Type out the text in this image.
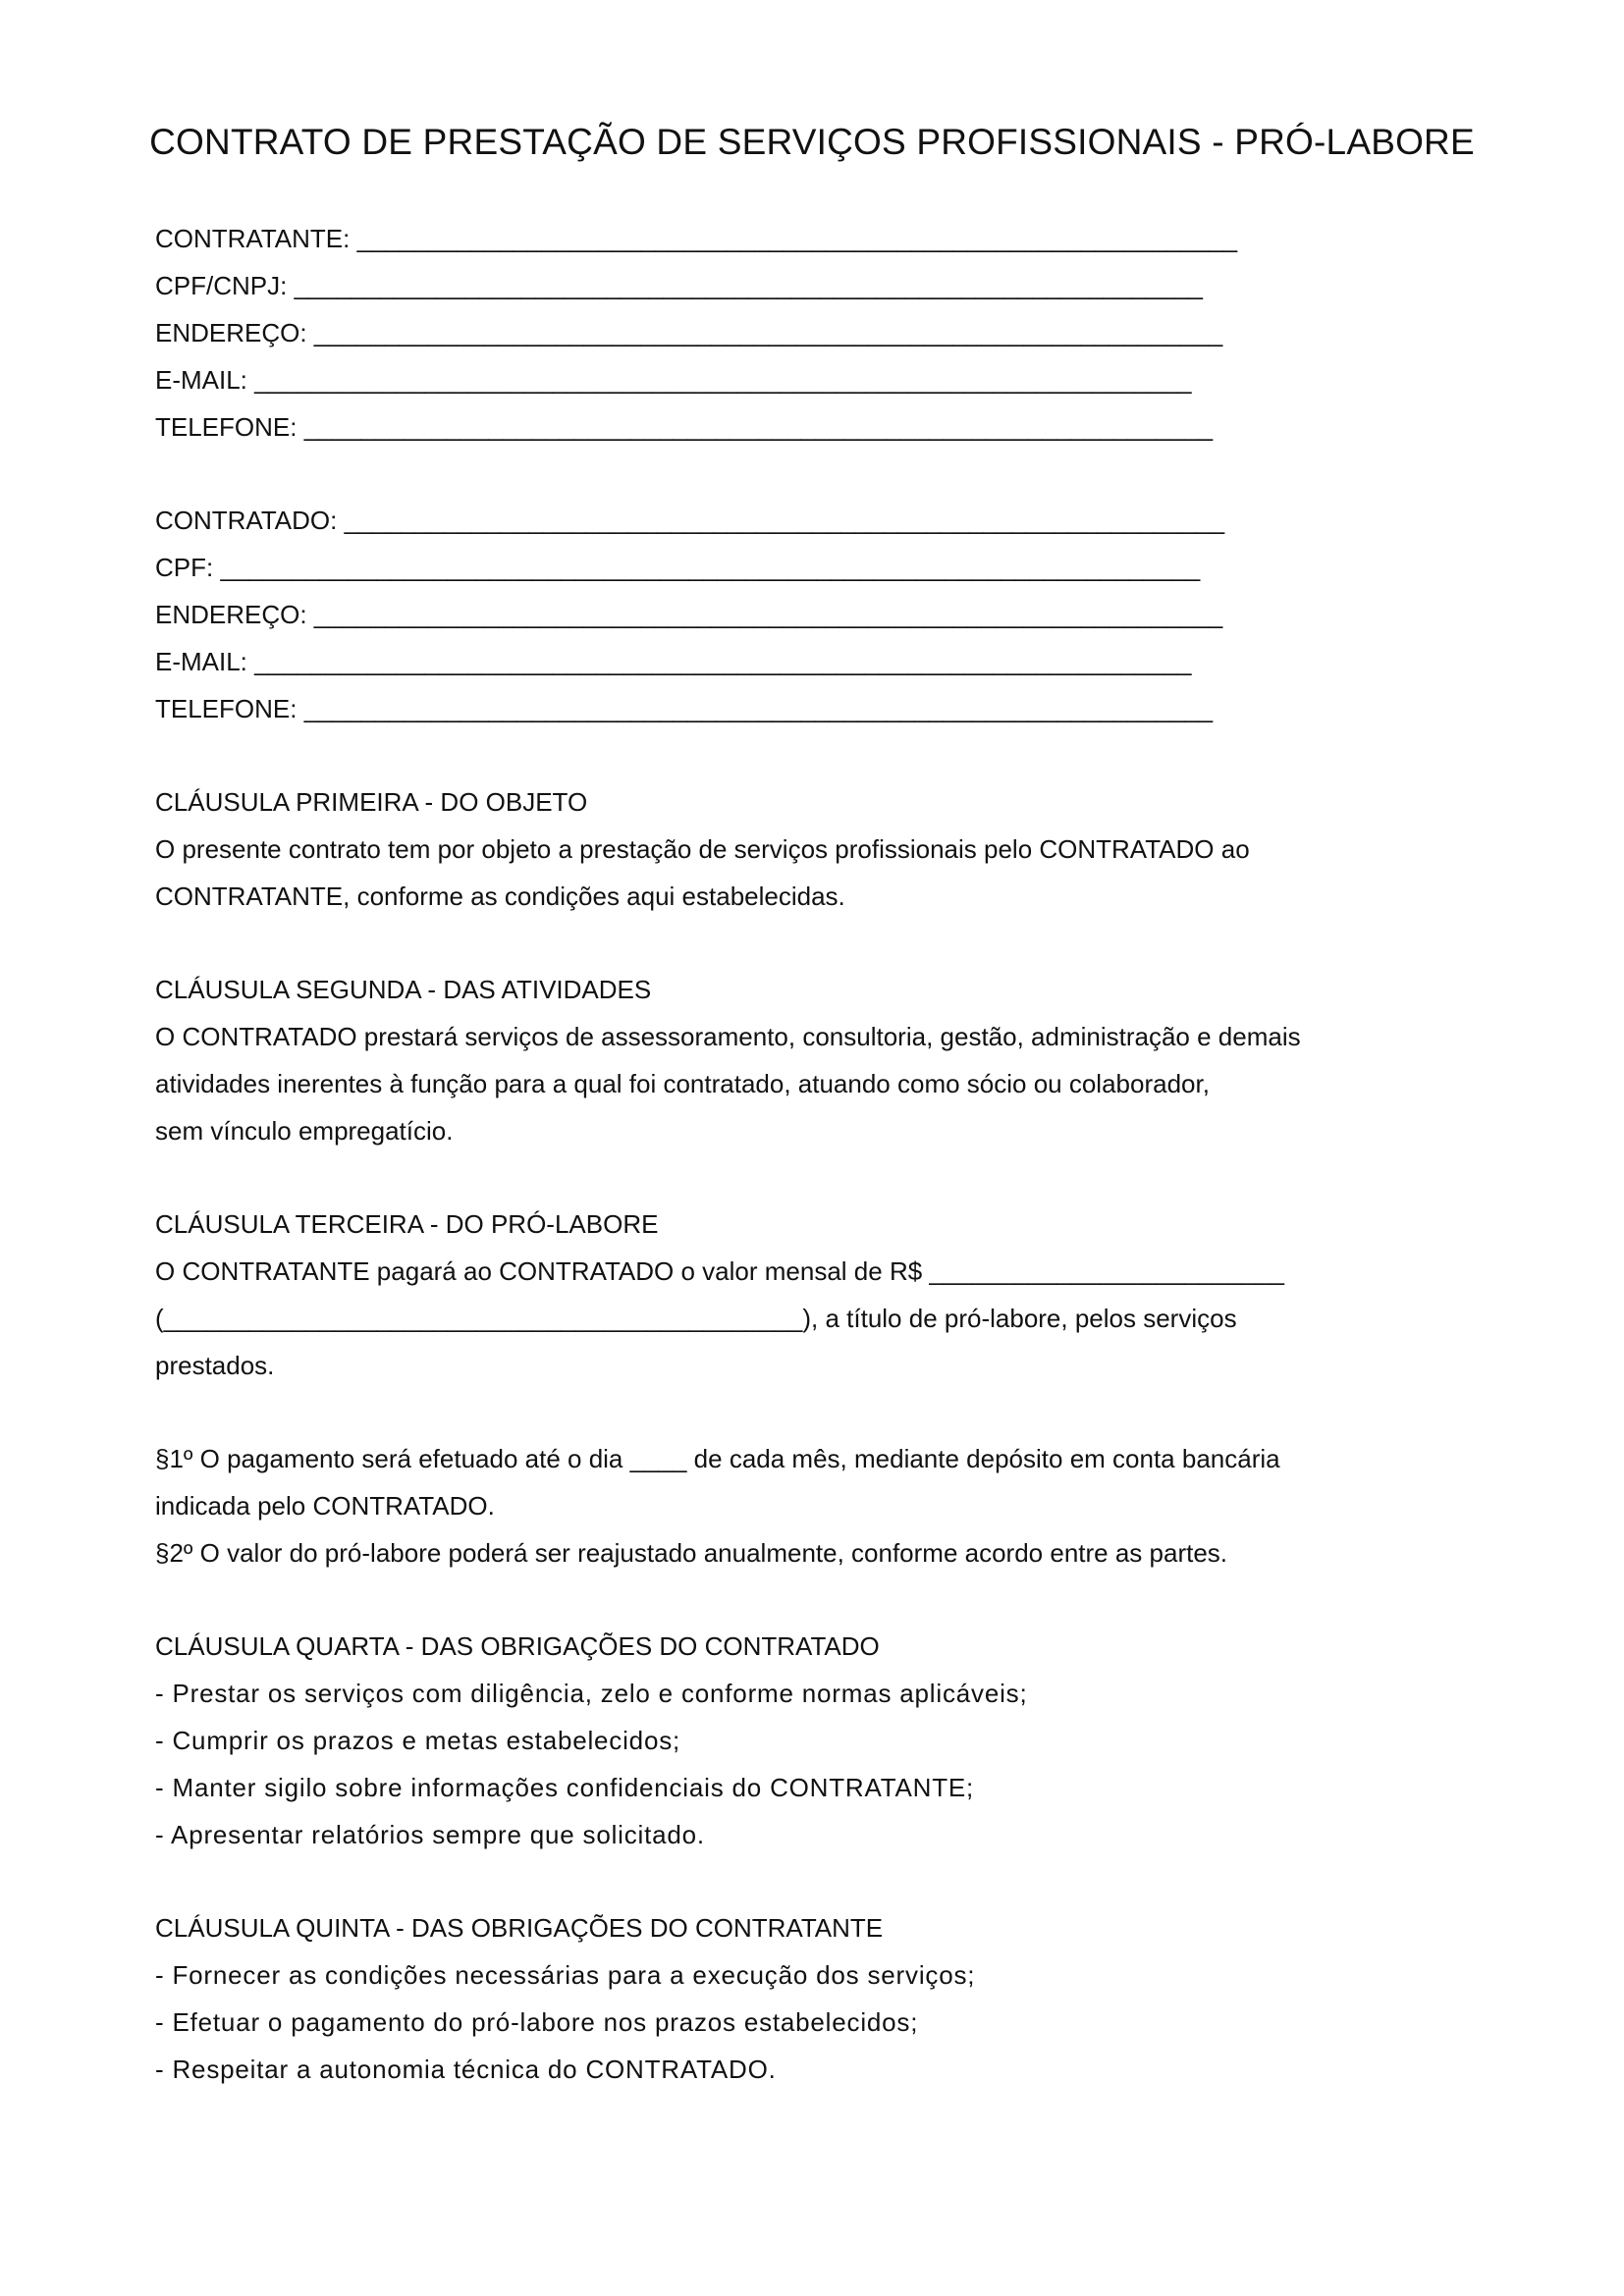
CONTRATO DE PRESTAÇÃO DE SERVIÇOS PROFISSIONAIS - PRÓ-LABORE
CONTRATANTE: ______________________________________________________________
CPF/CNPJ: ________________________________________________________________
ENDEREÇO: ________________________________________________________________
E-MAIL: __________________________________________________________________
TELEFONE: ________________________________________________________________
CONTRATADO: ______________________________________________________________
CPF: _____________________________________________________________________
ENDEREÇO: ________________________________________________________________
E-MAIL: __________________________________________________________________
TELEFONE: ________________________________________________________________
CLÁUSULA PRIMEIRA - DO OBJETO
O presente contrato tem por objeto a prestação de serviços profissionais pelo CONTRATADO ao
CONTRATANTE, conforme as condições aqui estabelecidas.
CLÁUSULA SEGUNDA - DAS ATIVIDADES
O CONTRATADO prestará serviços de assessoramento, consultoria, gestão, administração e demais
atividades inerentes à função para a qual foi contratado, atuando como sócio ou colaborador,
sem vínculo empregatício.
CLÁUSULA TERCEIRA - DO PRÓ-LABORE
O CONTRATANTE pagará ao CONTRATADO o valor mensal de R$ _________________________
(_____________________________________________), a título de pró-labore, pelos serviços
prestados.
§1º O pagamento será efetuado até o dia ____ de cada mês, mediante depósito em conta bancária
indicada pelo CONTRATADO.
§2º O valor do pró-labore poderá ser reajustado anualmente, conforme acordo entre as partes.
CLÁUSULA QUARTA - DAS OBRIGAÇÕES DO CONTRATADO
- Prestar os serviços com diligência, zelo e conforme normas aplicáveis;
- Cumprir os prazos e metas estabelecidos;
- Manter sigilo sobre informações confidenciais do CONTRATANTE;
- Apresentar relatórios sempre que solicitado.
CLÁUSULA QUINTA - DAS OBRIGAÇÕES DO CONTRATANTE
- Fornecer as condições necessárias para a execução dos serviços;
- Efetuar o pagamento do pró-labore nos prazos estabelecidos;
- Respeitar a autonomia técnica do CONTRATADO.
